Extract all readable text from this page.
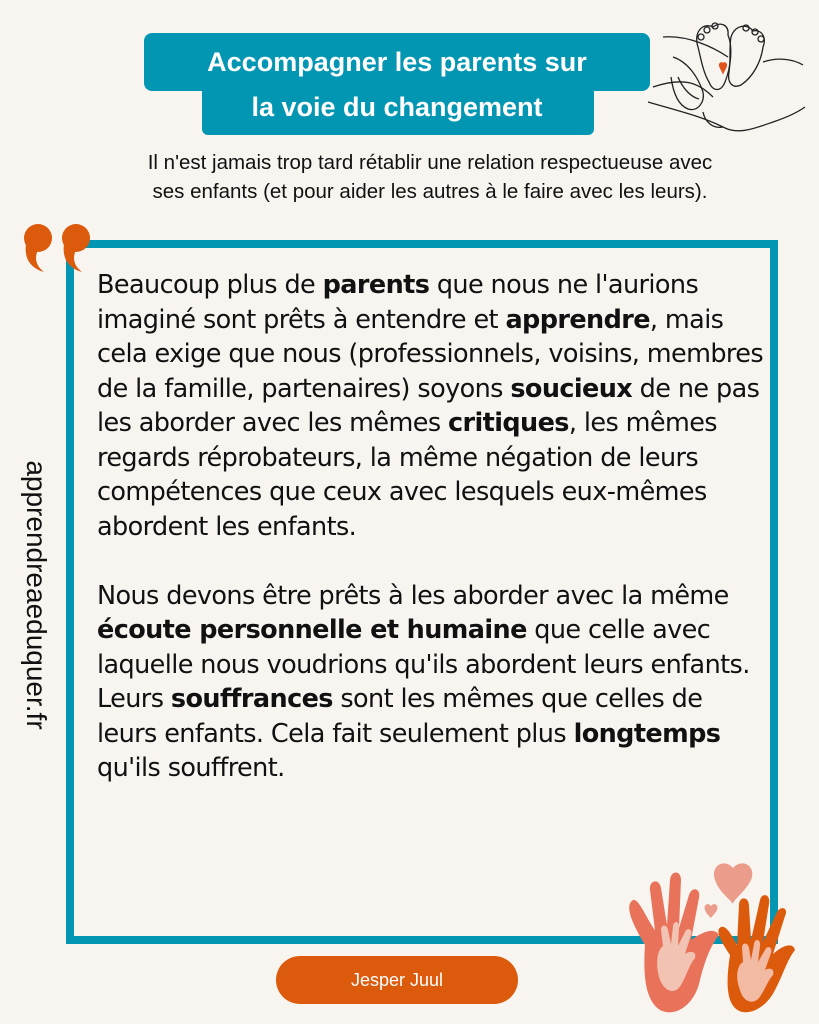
Accompagner les parents sur
la voie du changement
Il n'est jamais trop tard rétablir une relation respectueuse avec
ses enfants (et pour aider les autres à le faire avec les leurs).
Beaucoup plus de parents que nous ne l'aurions imaginé sont prêts à entendre et apprendre, mais cela exige que nous (professionnels, voisins, membres de la famille, partenaires) soyons soucieux de ne pas les aborder avec les mêmes critiques, les mêmes regards réprobateurs, la même négation de leurs compétences que ceux avec lesquels eux-mêmes abordent les enfants.
Nous devons être prêts à les aborder avec la même écoute personnelle et humaine que celle avec laquelle nous voudrions qu'ils abordent leurs enfants. Leurs souffrances sont les mêmes que celles de leurs enfants. Cela fait seulement plus longtemps qu'ils souffrent.
apprendreaeduquer.fr
Jesper Juul
